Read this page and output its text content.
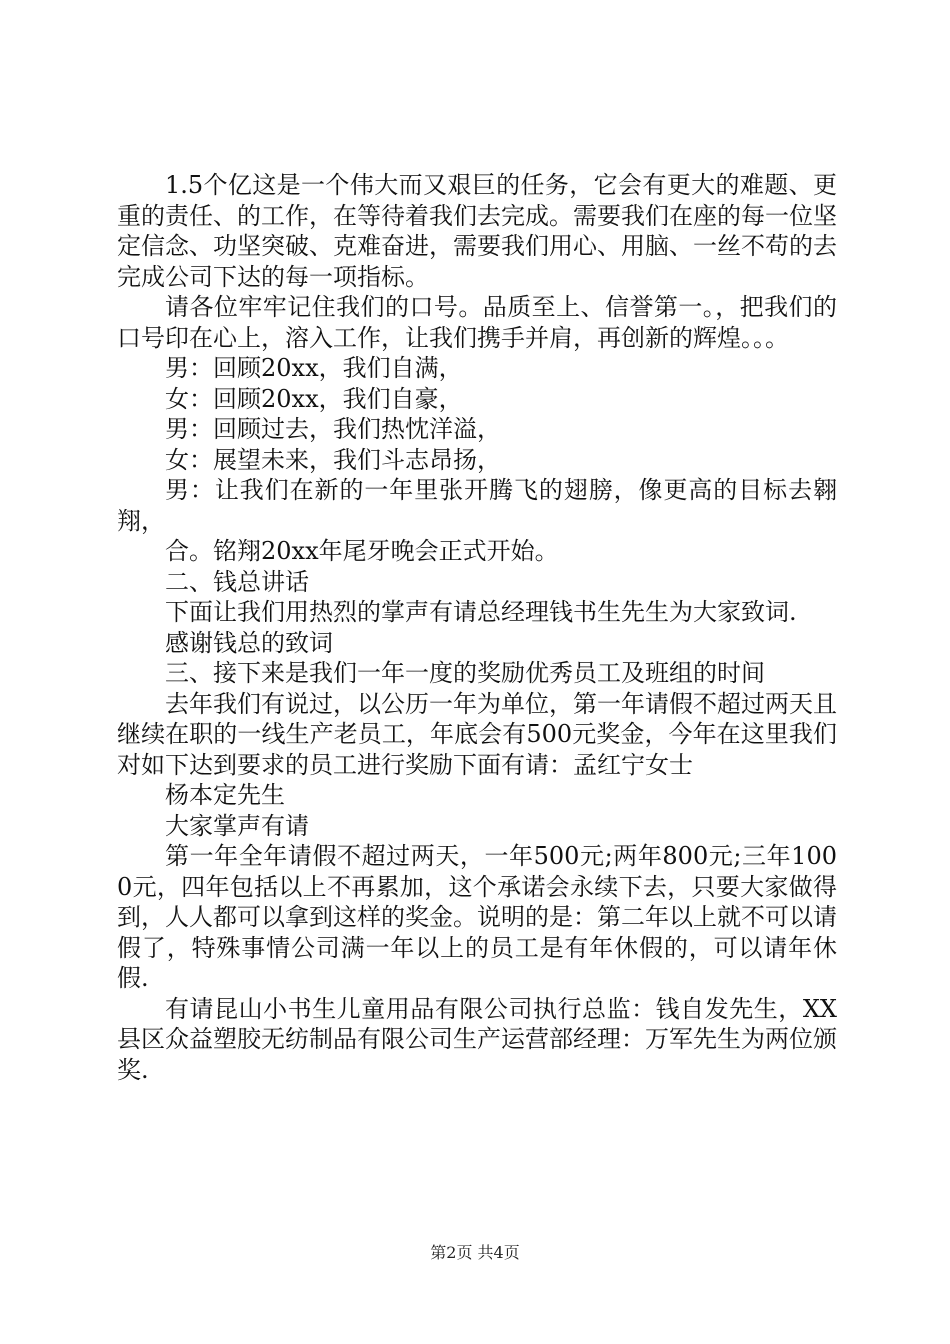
1.5个亿这是一个伟大而又艰巨的任务，它会有更大的难题、更重的责任、的工作，在等待着我们去完成。需要我们在座的每一位坚定信念、功坚突破、克难奋进，需要我们用心、用脑、一丝不苟的去完成公司下达的每一项指标。

请各位牢牢记住我们的口号。品质至上、信誉第一。，把我们的口号印在心上，溶入工作，让我们携手并肩，再创新的辉煌。。。

男：回顾20xx，我们自满，

女：回顾20xx，我们自豪，

男：回顾过去，我们热忱洋溢，

女：展望未来，我们斗志昂扬，

男：让我们在新的一年里张开腾飞的翅膀，像更高的目标去翱翔，

合。铭翔20xx年尾牙晚会正式开始。

二、钱总讲话

下面让我们用热烈的掌声有请总经理钱书生先生为大家致词.

感谢钱总的致词

三、接下来是我们一年一度的奖励优秀员工及班组的时间

去年我们有说过，以公历一年为单位，第一年请假不超过两天且继续在职的一线生产老员工，年底会有500元奖金，今年在这里我们对如下达到要求的员工进行奖励下面有请：孟红宁女士

杨本定先生

大家掌声有请

第一年全年请假不超过两天，一年500元;两年800元;三年1000元，四年包括以上不再累加，这个承诺会永续下去，只要大家做得到，人人都可以拿到这样的奖金。说明的是：第二年以上就不可以请假了，特殊事情公司满一年以上的员工是有年休假的，可以请年休假.

有请昆山小书生儿童用品有限公司执行总监：钱自发先生，XX县区众益塑胶无纺制品有限公司生产运营部经理：万军先生为两位颁奖.

第2页 共4页
